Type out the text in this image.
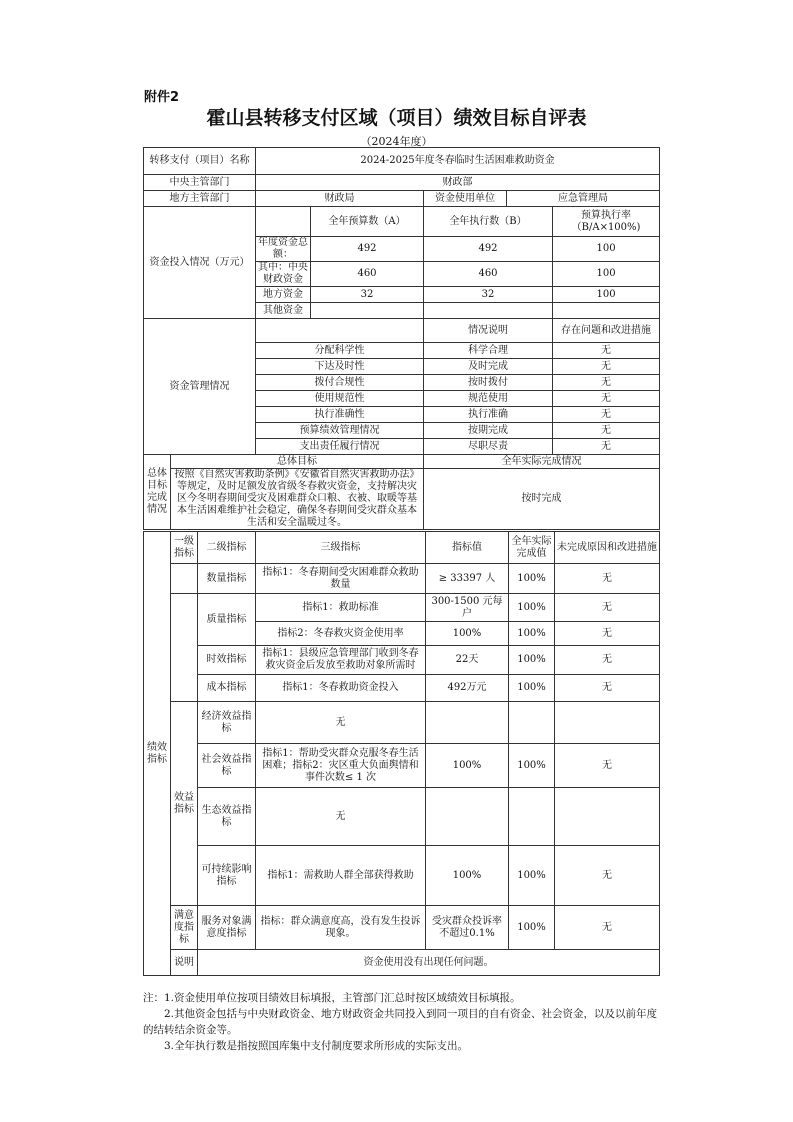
附件2
霍山县转移支付区域（项目）绩效目标自评表
（2024年度）
转移支付（项目）名称		2024-2025年度冬春临时生活困难救助资金				
中央主管部门		财政部				
地方主管部门		财政局		资金使用单位	应急管理局	
资金投入情况（万元）			全年预算数（A）	全年执行数（B）		预算执行率（B/A×100%)
		年度资金总额：	492	492		100
		其中：中央财政资金	460	460		100
		地方资金	32	32		100
		其他资金				
资金管理情况				情况说明		存在问题和改进措施
		分配科学性		科学合理		无
		下达及时性		及时完成		无
		拨付合规性		按时拨付		无
		使用规范性		规范使用		无
		执行准确性		执行准确		无
		预算绩效管理情况		按期完成		无
		支出责任履行情况		尽职尽责		无
总体目标完成情况	总体目标			全年实际完成情况		
	按照《自然灾害救助条例》《安徽省自然灾害救助办法》等规定，及时足额发放省级冬春救灾资金，支持解决灾区今冬明春期间受灾及困难群众口粮、衣被、取暖等基本生活困难维护社会稳定，确保冬春期间受灾群众基本生活和安全温暖过冬。			按时完成		
绩效指标	一级指标	二级指标	三级指标	指标值	全年实际完成值	未完成原因和改进措施
		数量指标	指标1：冬春期间受灾困难群众救助数量	≥ 33397 人	100%	无
		质量指标	指标1：救助标准	300-1500 元每户	100%	无
			指标2：冬春救灾资金使用率	100%	100%	无
		时效指标	指标1：县级应急管理部门收到冬春救灾资金后发放至救助对象所需时	22天	100%	无
		成本指标	指标1：冬春救助资金投入	492万元	100%	无
	效益指标	经济效益指标	无			
		社会效益指标	指标1：帮助受灾群众克服冬春生活困难；指标2：灾区重大负面舆情和事件次数≤ 1 次	100%	100%	无
		生态效益指标	无			
		可持续影响指标	指标1：需救助人群全部获得救助	100%	100%	无
	满意度指标	服务对象满意度指标	指标：群众满意度高，没有发生投诉现象。	受灾群众投诉率不超过0.1%	100%	无
	说明	资金使用没有出现任何问题。				

注：1.资金使用单位按项目绩效目标填报，主管部门汇总时按区域绩效目标填报。

2.其他资金包括与中央财政资金、地方财政资金共同投入到同一项目的自有资金、社会资金，以及以前年度的结转结余资金等。

3.全年执行数是指按照国库集中支付制度要求所形成的实际支出。
